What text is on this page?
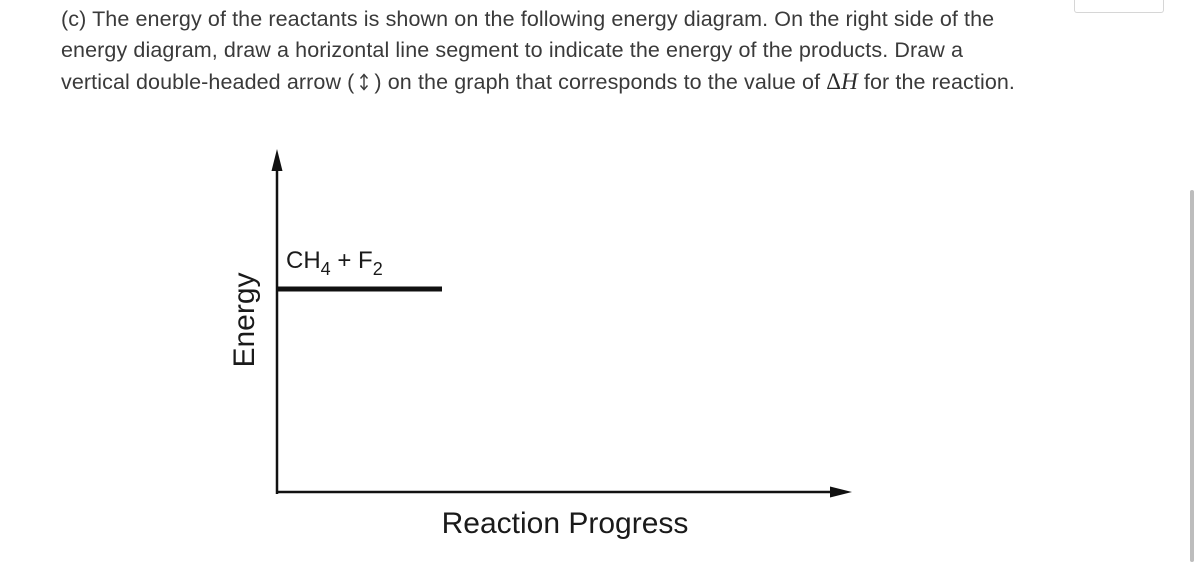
(c) The energy of the reactants is shown on the following energy diagram. On the right side of the energy diagram, draw a horizontal line segment to indicate the energy of the products. Draw a vertical double-headed arrow ( ) on the graph that corresponds to the value of ΔH for the reaction.
$CH_4 + F_2$
Energy
Reaction Progress
